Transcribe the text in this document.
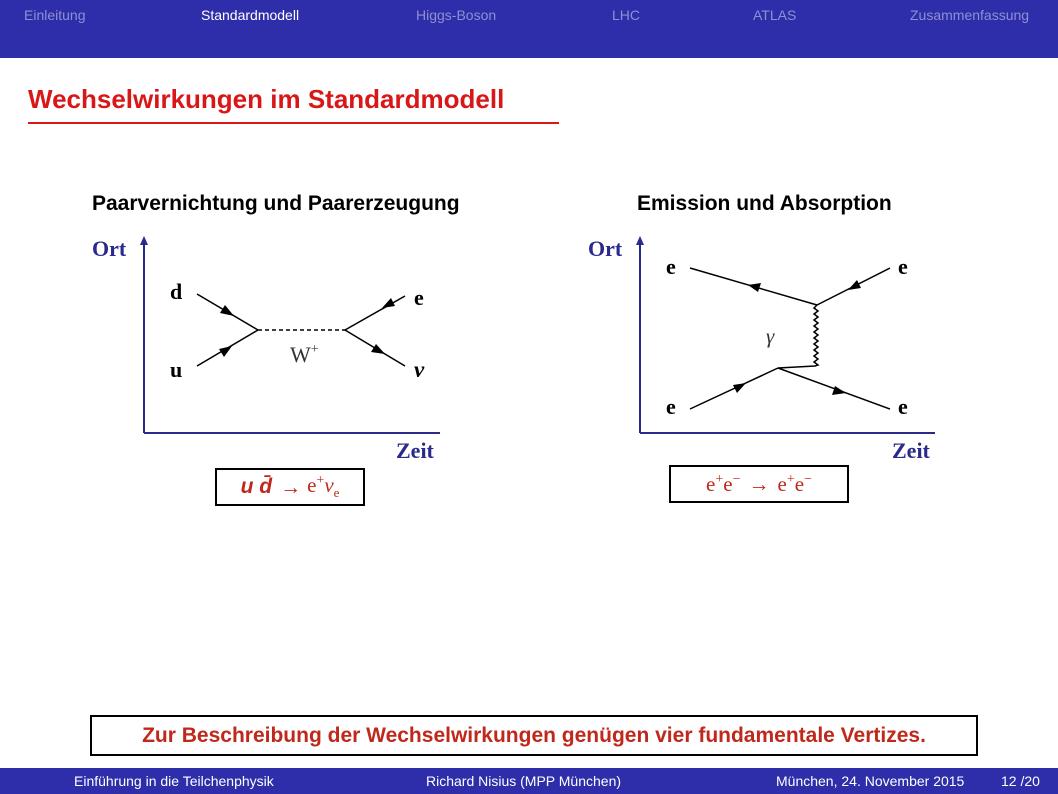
Einleitung	Standardmodell	Higgs-Boson	LHC	ATLAS	Zusammenfassung
Wechselwirkungen im Standardmodell
Paarvernichtung und Paarerzeugung	Emission und Absorption
Ort
Zeit
d
u
e
ν
W+
Ort
Zeit
e	e
e	e
γ
u d̄ → $e^+\nu_e$	e+e− → e+e−
Zur Beschreibung der Wechselwirkungen genügen vier fundamentale Vertizes.
Einführung in die Teilchenphysik	Richard Nisius (MPP München)	München, 24. November 2015	12 /20
